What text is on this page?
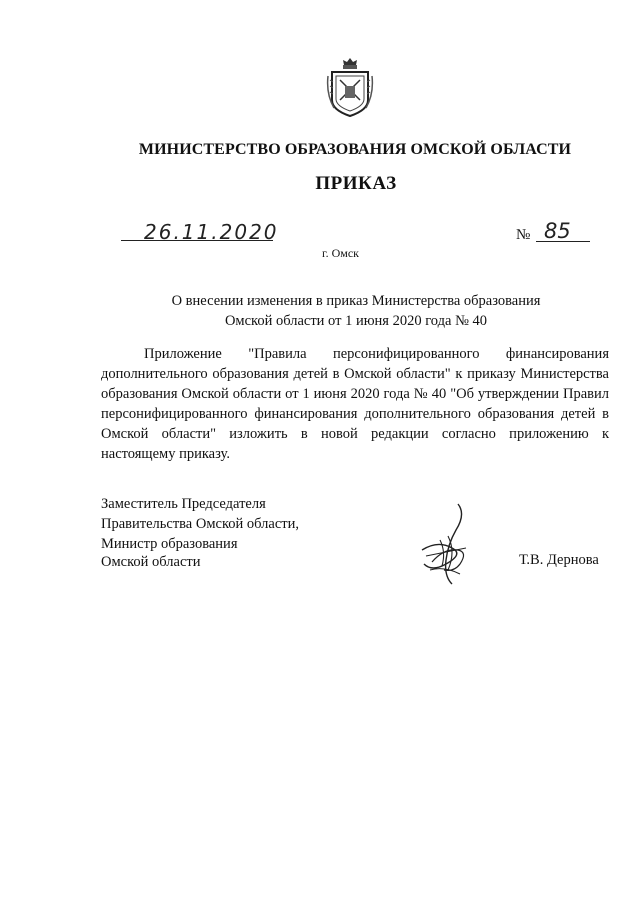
МИНИСТЕРСТВО ОБРАЗОВАНИЯ ОМСКОЙ ОБЛАСТИ
ПРИКАЗ
26.11.2020	№ 85
г. Омск
О внесении изменения в приказ Министерства образования
Омской области от 1 июня 2020 года № 40
Приложение "Правила персонифицированного финансирования дополнительного образования детей в Омской области" к приказу Министерства образования Омской области от 1 июня 2020 года № 40 "Об утверждении Правил персонифицированного финансирования дополнительного образования детей в Омской области" изложить в новой редакции согласно приложению к настоящему приказу.
Заместитель Председателя
Правительства Омской области,
Министр образования
Омской области	Т.В. Дернова
